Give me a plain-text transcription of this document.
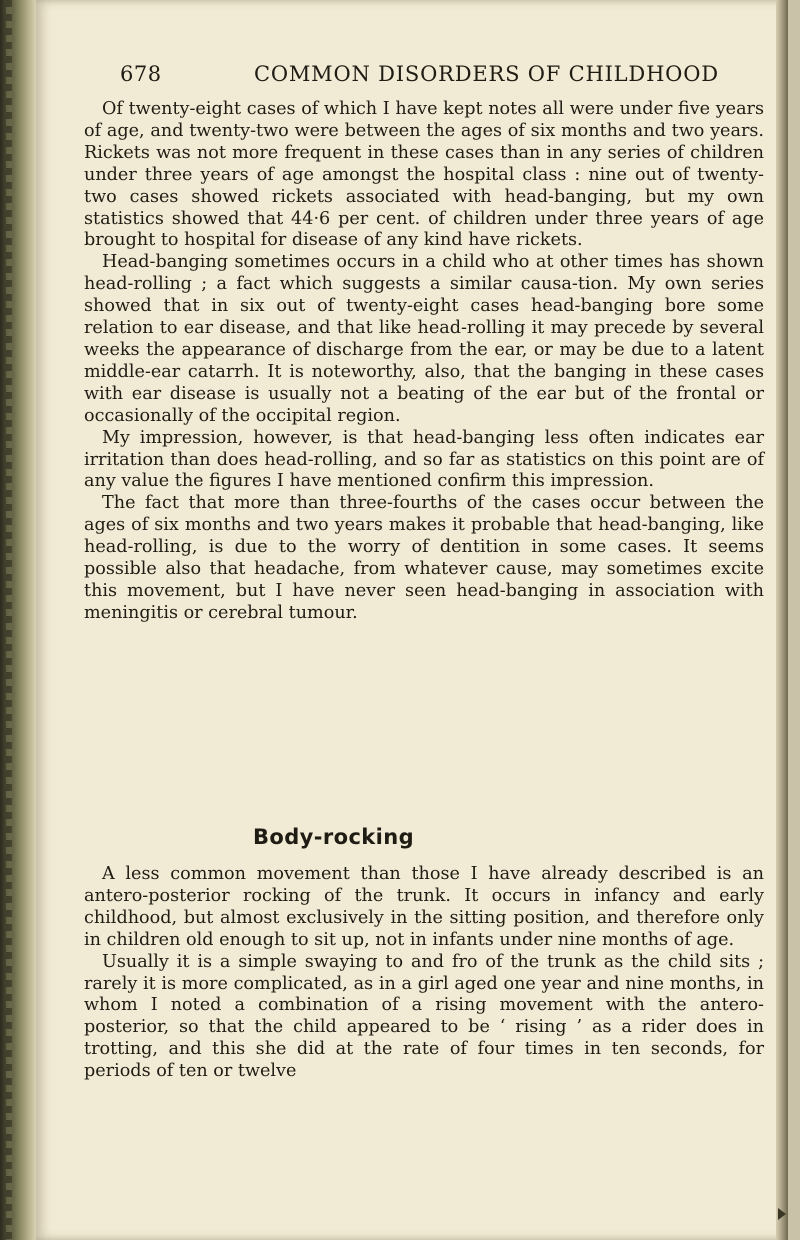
678	COMMON DISORDERS OF CHILDHOOD

Of twenty-eight cases of which I have kept notes all were under five years of age, and twenty-two were between the ages of six months and two years. Rickets was not more frequent in these cases than in any series of children under three years of age amongst the hospital class : nine out of twenty-two cases showed rickets associated with head-banging, but my own statistics showed that 44·6 per cent. of children under three years of age brought to hospital for disease of any kind have rickets.

Head-banging sometimes occurs in a child who at other times has shown head-rolling ; a fact which suggests a similar causa-tion. My own series showed that in six out of twenty-eight cases head-banging bore some relation to ear disease, and that like head-rolling it may precede by several weeks the appearance of discharge from the ear, or may be due to a latent middle-ear catarrh. It is noteworthy, also, that the banging in these cases with ear disease is usually not a beating of the ear but of the frontal or occasionally of the occipital region.

My impression, however, is that head-banging less often indicates ear irritation than does head-rolling, and so far as statistics on this point are of any value the figures I have mentioned confirm this impression.

The fact that more than three-fourths of the cases occur between the ages of six months and two years makes it probable that head-banging, like head-rolling, is due to the worry of dentition in some cases. It seems possible also that headache, from whatever cause, may sometimes excite this movement, but I have never seen head-banging in association with meningitis or cerebral tumour.

Body-rocking

A less common movement than those I have already described is an antero-posterior rocking of the trunk. It occurs in infancy and early childhood, but almost exclusively in the sitting position, and therefore only in children old enough to sit up, not in infants under nine months of age.

Usually it is a simple swaying to and fro of the trunk as the child sits ; rarely it is more complicated, as in a girl aged one year and nine months, in whom I noted a combination of a rising movement with the antero-posterior, so that the child appeared to be ‘ rising ’ as a rider does in trotting, and this she did at the rate of four times in ten seconds, for periods of ten or twelve
